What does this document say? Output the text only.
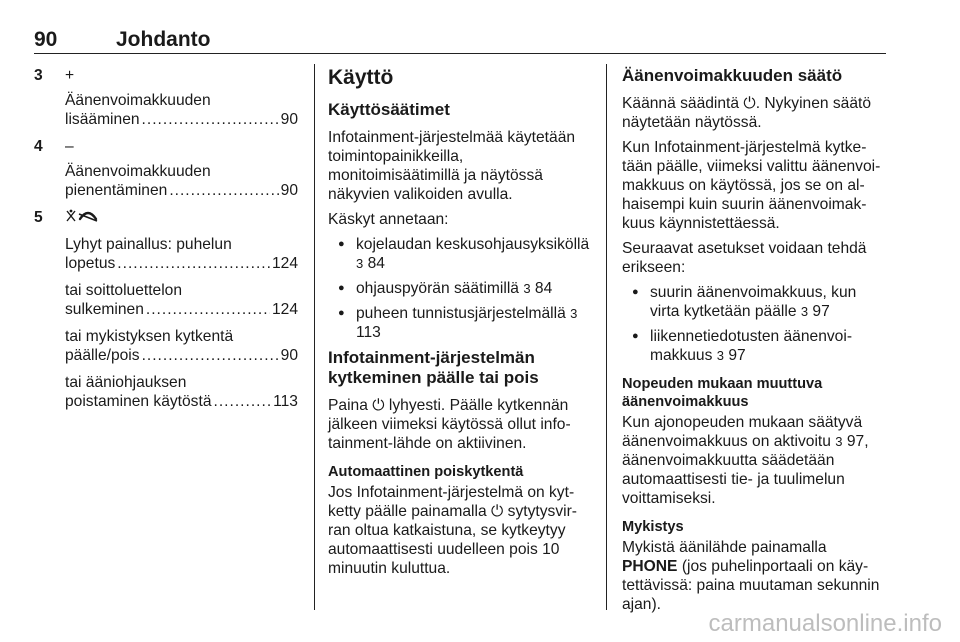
90	Johdanto
3 +
Äänenvoimakkuuden
lisääminen .....	90
4 –
Äänenvoimakkuuden
pienentäminen .....	90
5
Lyhyt painallus: puhelun
lopetus .....	124
tai soittoluettelon
sulkeminen .....	124
tai mykistyksen kytkentä
päälle/pois .....	90
tai ääniohjauksen
poistaminen käytöstä .....	113
Käyttö
Käyttösäätimet

Infotainment-järjestelmää käytetään toimintopainikkeilla, monitoimisäätimillä ja näytössä näkyvien valikoiden avulla.

Käskyt annetaan:

● kojelaudan keskusohjausyksiköllä 3 84
● ohjauspyörän säätimillä 3 84
● puheen tunnistusjärjestelmällä 3 113
Infotainment-järjestelmän kytkeminen päälle tai pois

Paina ⏻ lyhyesti. Päälle kytkennän jälkeen viimeksi käytössä ollut infotainment-lähde on aktiivinen.

Automaattinen poiskytkentä

Jos Infotainment-järjestelmä on kytketty päälle painamalla ⏻ sytytysvirran oltua katkaistuna, se kytkeytyy automaattisesti uudelleen pois 10 minuutin kuluttua.

Äänenvoimakkuuden säätö

Käännä säädintä ⏻. Nykyinen säätö näytetään näytössä.

Kun Infotainment-järjestelmä kytketään päälle, viimeksi valittu äänenvoimakkuus on käytössä, jos se on alhaisempi kuin suurin äänenvoimakkuus käynnistettäessä.

Seuraavat asetukset voidaan tehdä erikseen:

● suurin äänenvoimakkuus, kun virta kytketään päälle 3 97
● liikennetiedotusten äänenvoimakkuus 3 97
Nopeuden mukaan muuttuva äänenvoimakkuus

Kun ajonopeuden mukaan säätyvä äänenvoimakkuus on aktivoitu 3 97, äänenvoimakkuutta säädetään automaattisesti tie- ja tuulimelun voittamiseksi.

Mykistys

Mykistä äänilähde painamalla PHONE (jos puhelinportaali on käytettävissä: paina muutaman sekunnin ajan).

carmanualsonline.info
